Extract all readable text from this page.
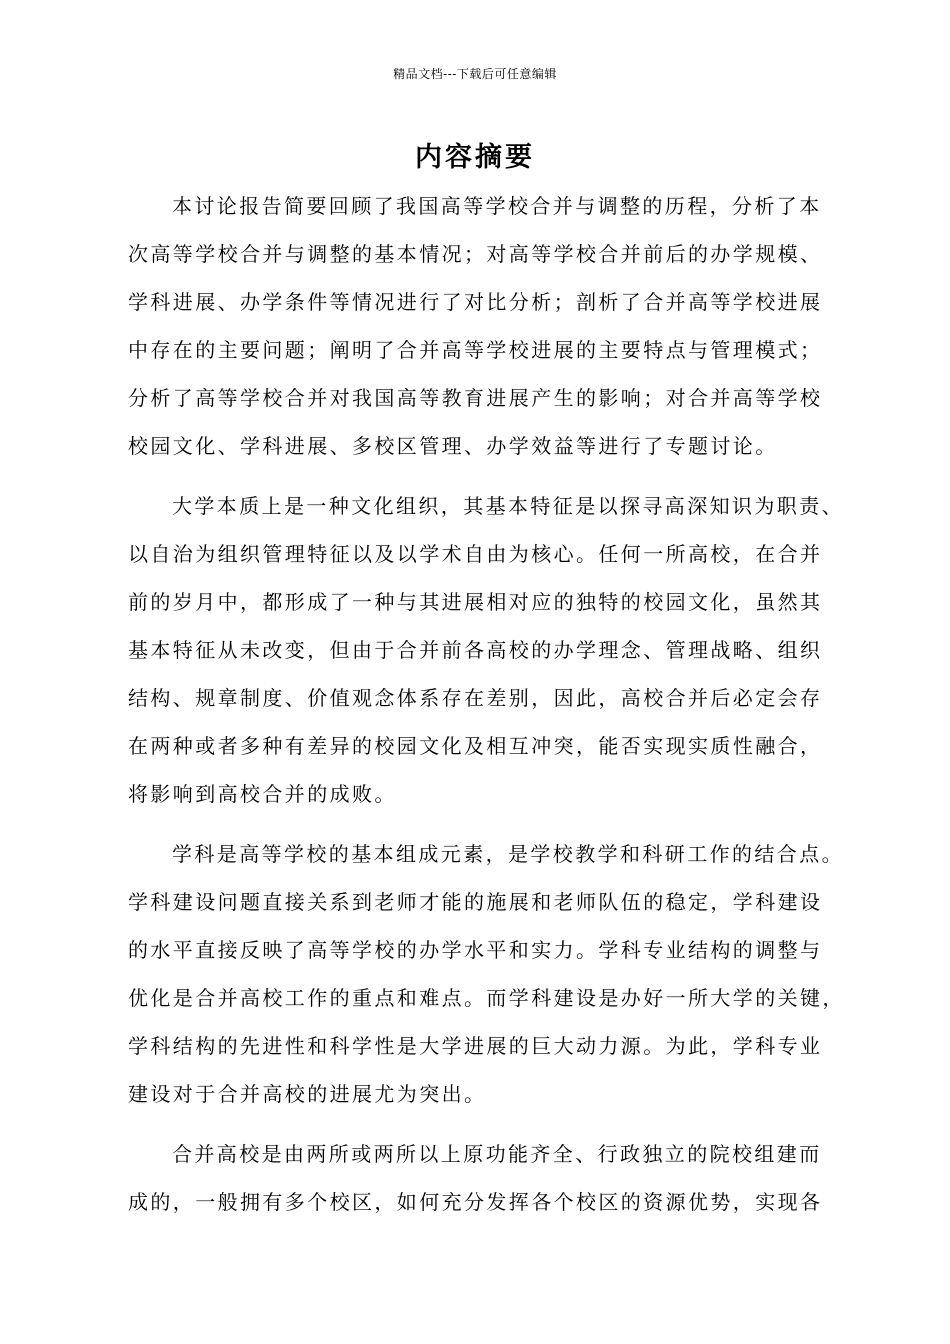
精品文档---下载后可任意编辑
内容摘要
本讨论报告简要回顾了我国高等学校合并与调整的历程，分析了本
次高等学校合并与调整的基本情况；对高等学校合并前后的办学规模、
学科进展、办学条件等情况进行了对比分析；剖析了合并高等学校进展
中存在的主要问题；阐明了合并高等学校进展的主要特点与管理模式；
分析了高等学校合并对我国高等教育进展产生的影响；对合并高等学校
校园文化、学科进展、多校区管理、办学效益等进行了专题讨论。
大学本质上是一种文化组织，其基本特征是以探寻高深知识为职责、
以自治为组织管理特征以及以学术自由为核心。任何一所高校，在合并
前的岁月中，都形成了一种与其进展相对应的独特的校园文化，虽然其
基本特征从未改变，但由于合并前各高校的办学理念、管理战略、组织
结构、规章制度、价值观念体系存在差别，因此，高校合并后必定会存
在两种或者多种有差异的校园文化及相互冲突，能否实现实质性融合，
将影响到高校合并的成败。
学科是高等学校的基本组成元素，是学校教学和科研工作的结合点。
学科建设问题直接关系到老师才能的施展和老师队伍的稳定，学科建设
的水平直接反映了高等学校的办学水平和实力。学科专业结构的调整与
优化是合并高校工作的重点和难点。而学科建设是办好一所大学的关键，
学科结构的先进性和科学性是大学进展的巨大动力源。为此，学科专业
建设对于合并高校的进展尤为突出。
合并高校是由两所或两所以上原功能齐全、行政独立的院校组建而
成的，一般拥有多个校区，如何充分发挥各个校区的资源优势，实现各
